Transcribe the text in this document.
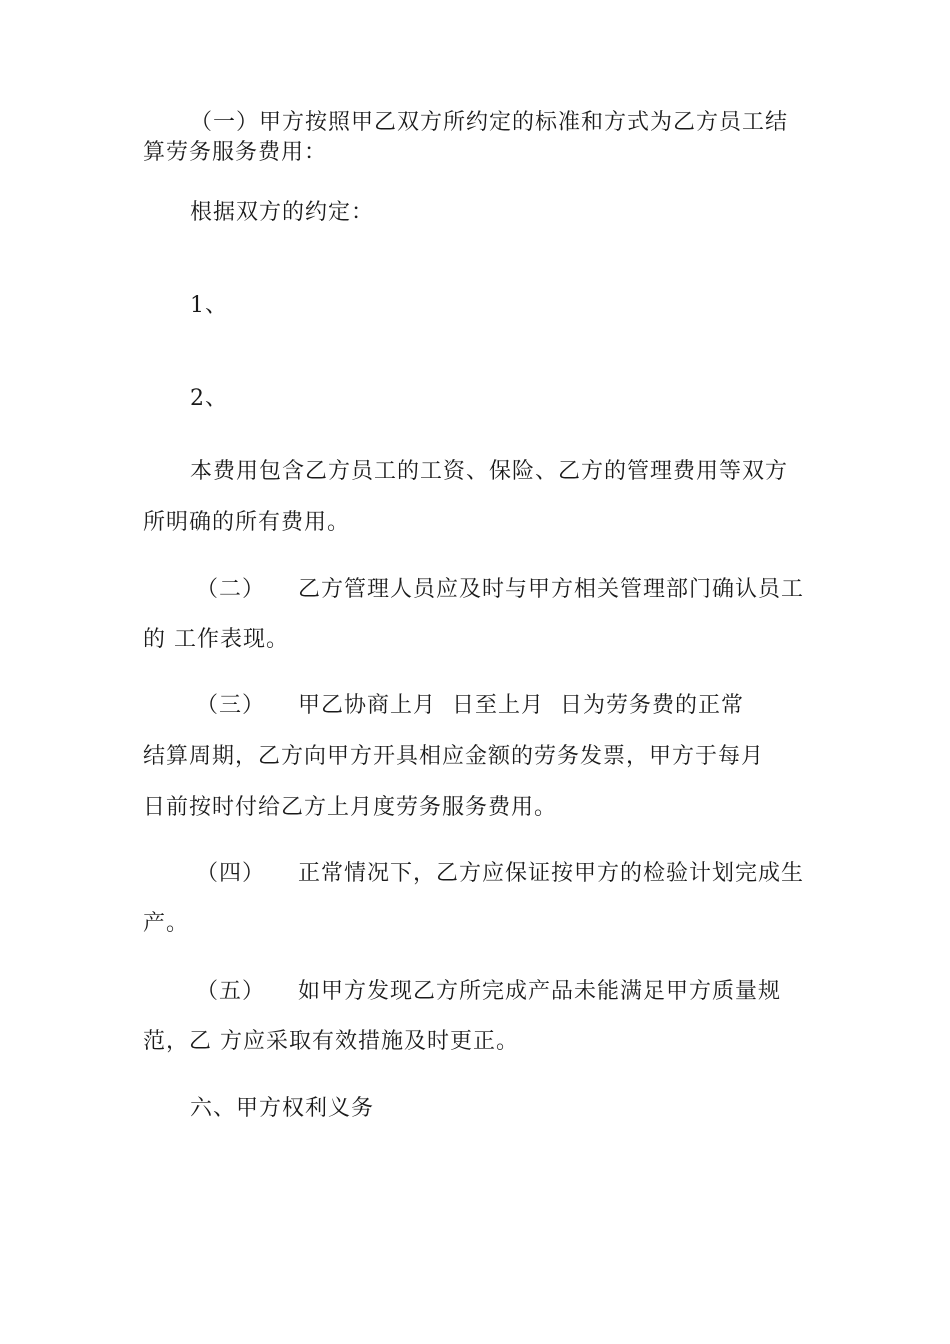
（一）甲方按照甲乙双方所约定的标准和方式为乙方员工结
算劳务服务费用：
根据双方的约定：
1、
2、
本费用包含乙方员工的工资、保险、乙方的管理费用等双方
所明确的所有费用。
（二） 乙方管理人员应及时与甲方相关管理部门确认员工
的 工作表现。
（三） 甲乙协商上月  日至上月  日为劳务费的正常
结算周期，乙方向甲方开具相应金额的劳务发票，甲方于每月
日前按时付给乙方上月度劳务服务费用。
（四） 正常情况下，乙方应保证按甲方的检验计划完成生
产。
（五） 如甲方发现乙方所完成产品未能满足甲方质量规
范，乙 方应采取有效措施及时更正。
六、甲方权利义务
